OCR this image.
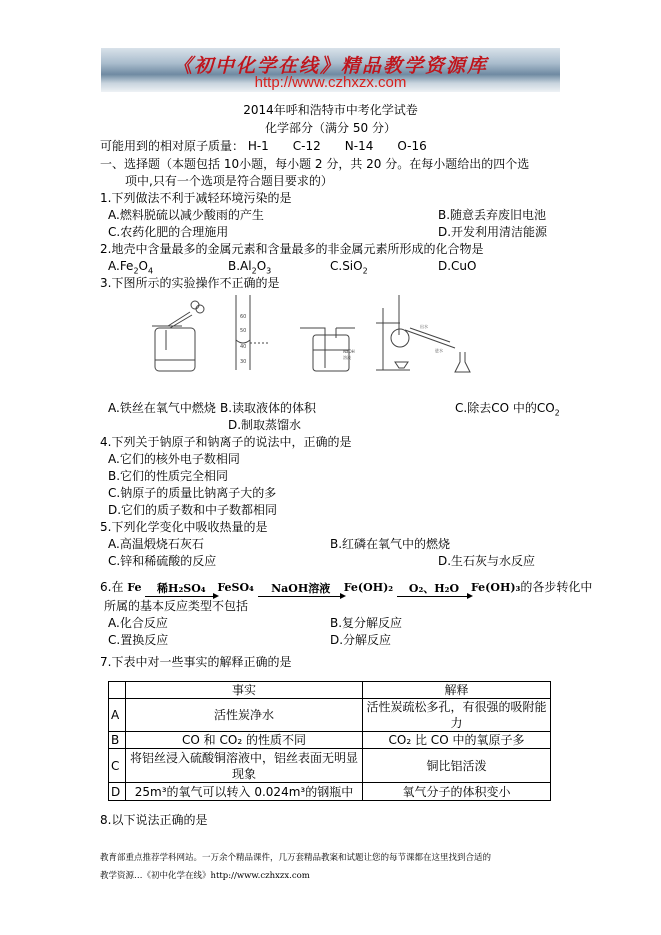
《初中化学在线》精品教学资源库
http://www.czhxzx.com
2014年呼和浩特市中考化学试卷
化学部分（满分 50 分）
可能用到的相对原子质量： H-1　　C-12　　N-14　　O-16
一、选择题（本题包括 10小题，每小题 2 分，共 20 分。在每小题给出的四个选
项中,只有一个选项是符合题目要求的）
1.下列做法不利于减轻环境污染的是
A.燃料脱硫以减少酸雨的产生	B.随意丢弃废旧电池
C.农药化肥的合理施用	D.开发利用清洁能源
2.地壳中含量最多的金属元素和含量最多的非金属元素所形成的化合物是
$A.Fe_2O_4$	$B.Al_2O_3$	C.SiO$_2$	D.CuO
3.下图所示的实验操作不正确的是
60
50
40
30
NaOH
溶液
出水
进水
A.铁丝在氧气中燃烧 B.读取液体的体积	C.除去CO 中的$CO_2$
D.制取蒸馏水
4.下列关于钠原子和钠离子的说法中，正确的是
A.它们的核外电子数相同
B.它们的性质完全相同
C.钠原子的质量比钠离子大的多
D.它们的质子数和中子数都相同
5.下列化学变化中吸收热量的是
A.高温煅烧石灰石	B.红磷在氧气中的燃烧
C.锌和稀硫酸的反应	D.生石灰与水反应
6.在 Fe	稀H₂SO₄	FeSO₄	NaOH溶液	Fe(OH)₂	O₂、H₂O	Fe(OH)₃的各步转化中
所属的基本反应类型不包括
A.化合反应	B.复分解反应
C.置换反应	D.分解反应
7.下表中对一些事实的解释正确的是
	事实	解释
A	活性炭净水	活性炭疏松多孔，有很强的吸附能力
B	CO 和 CO₂ 的性质不同	CO₂ 比 CO 中的氧原子多
C	将铝丝浸入硫酸铜溶液中，铝丝表面无明显现象	铜比铝活泼
D	25m³的氧气可以转入 0.024m³的钢瓶中	氧气分子的体积变小
8.以下说法正确的是
教育部重点推荐学科网站。一万余个精品课件，几万套精品教案和试题让您的每节课都在这里找到合适的
教学资源…《初中化学在线》http://www.czhxzx.com
